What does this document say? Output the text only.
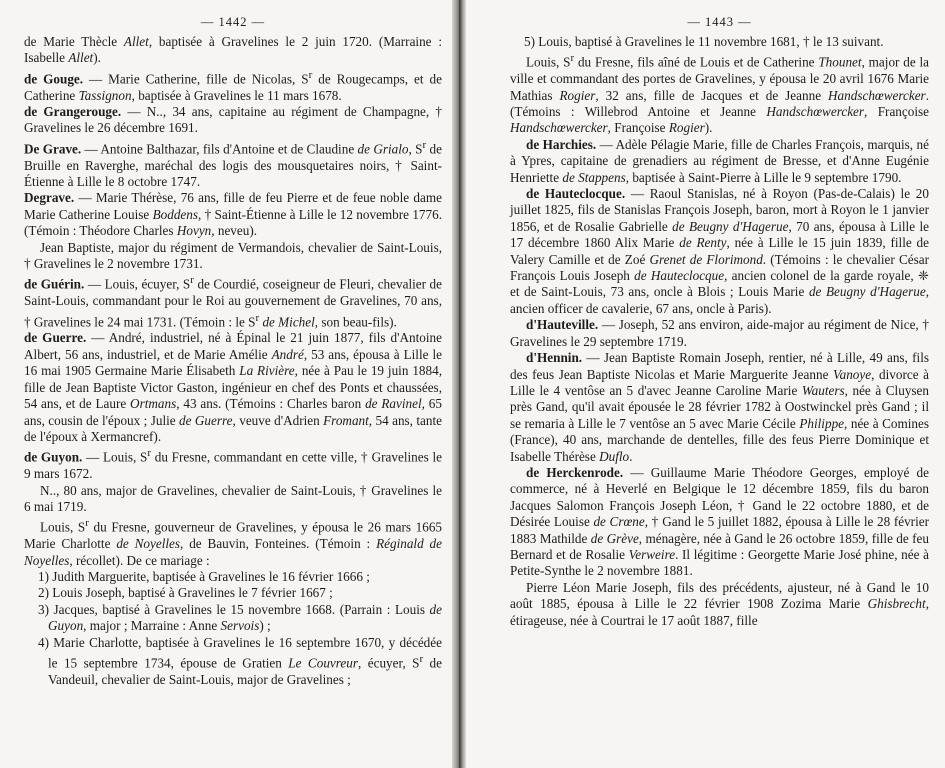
— 1442 —

de Marie Thècle Allet, baptisée à Gravelines le 2 juin 1720. (Marraine : Isabelle Allet).

de Gouge. — Marie Catherine, fille de Nicolas, $S^r$ de Rougecamps, et de Catherine Tassignon, baptisée à Gravelines le 11 mars 1678.

de Grangerouge. — N.., 34 ans, capitaine au régiment de Champagne, † Gravelines le 26 décembre 1691.

De Grave. — Antoine Balthazar, fils d'Antoine et de Claudine de Grialo, $S^r$ de Bruille en Raverghe, maréchal des logis des mousquetaires noirs, † Saint-Étienne à Lille le 8 octobre 1747.

Degrave. — Marie Thérèse, 76 ans, fille de feu Pierre et de feue noble dame Marie Catherine Louise Boddens, † Saint-Étienne à Lille le 12 novembre 1776. (Témoin : Théodore Charles Hovyn, neveu).

Jean Baptiste, major du régiment de Vermandois, chevalier de Saint-Louis, † Gravelines le 2 novembre 1731.

de Guérin. — Louis, écuyer, $S^r$ de Courdié, coseigneur de Fleuri, chevalier de Saint-Louis, commandant pour le Roi au gouvernement de Gravelines, 70 ans, † Gravelines le 24 mai 1731. (Témoin : le $S^r$ de Michel, son beau-fils).

de Guerre. — André, industriel, né à Épinal le 21 juin 1877, fils d'Antoine Albert, 56 ans, industriel, et de Marie Amélie André, 53 ans, épousa à Lille le 16 mai 1905 Germaine Marie Élisabeth La Rivière, née à Pau le 19 juin 1884, fille de Jean Baptiste Victor Gaston, ingénieur en chef des Ponts et chaussées, 54 ans, et de Laure Ortmans, 43 ans. (Témoins : Charles baron de Ravinel, 65 ans, cousin de l'époux ; Julie de Guerre, veuve d'Adrien Fromant, 54 ans, tante de l'époux à Xermancref).

de Guyon. — Louis, $S^r$ du Fresne, commandant en cette ville, † Gravelines le 9 mars 1672.

N.., 80 ans, major de Gravelines, chevalier de Saint-Louis, † Gravelines le 6 mai 1719.

Louis, $S^r$ du Fresne, gouverneur de Gravelines, y épousa le 26 mars 1665 Marie Charlotte de Noyelles, de Bauvin, Fonteines. (Témoin : Réginald de Noyelles, récollet). De ce mariage :

1) Judith Marguerite, baptisée à Gravelines le 16 février 1666 ;

2) Louis Joseph, baptisé à Gravelines le 7 février 1667 ;

3) Jacques, baptisé à Gravelines le 15 novembre 1668. (Parrain : Louis de Guyon, major ; Marraine : Anne Servois) ;

4) Marie Charlotte, baptisée à Gravelines le 16 septembre 1670, y décédée le 15 septembre 1734, épouse de Gratien Le Couvreur, écuyer, $S^r$ de Vandeuil, chevalier de Saint-Louis, major de Gravelines ;

— 1443 —

5) Louis, baptisé à Gravelines le 11 novembre 1681, † le 13 suivant.

Louis, $S^r$ du Fresne, fils aîné de Louis et de Catherine Thounet, major de la ville et commandant des portes de Gravelines, y épousa le 20 avril 1676 Marie Mathias Rogier, 32 ans, fille de Jacques et de Jeanne Handschœwercker. (Témoins : Willebrod Antoine et Jeanne Handschœwercker, Françoise Handschœwercker, Françoise Rogier).

de Harchies. — Adèle Pélagie Marie, fille de Charles François, marquis, né à Ypres, capitaine de grenadiers au régiment de Bresse, et d'Anne Eugénie Henriette de Stappens, baptisée à Saint-Pierre à Lille le 9 septembre 1790.

de Hauteclocque. — Raoul Stanislas, né à Royon (Pas-de-Calais) le 20 juillet 1825, fils de Stanislas François Joseph, baron, mort à Royon le 1 janvier 1856, et de Rosalie Gabrielle de Beugny d'Hagerue, 70 ans, épousa à Lille le 17 décembre 1860 Alix Marie de Renty, née à Lille le 15 juin 1839, fille de Valery Camille et de Zoé Grenet de Florimond. (Témoins : le chevalier César François Louis Joseph de Hauteclocque, ancien colonel de la garde royale, ❈ et de Saint-Louis, 73 ans, oncle à Blois ; Louis Marie de Beugny d'Hagerue, ancien officer de cavalerie, 67 ans, oncle à Paris).

d'Hauteville. — Joseph, 52 ans environ, aide-major au régiment de Nice, † Gravelines le 29 septembre 1719.

d'Hennin. — Jean Baptiste Romain Joseph, rentier, né à Lille, 49 ans, fils des feus Jean Baptiste Nicolas et Marie Marguerite Jeanne Vanoye, divorce à Lille le 4 ventôse an 5 d'avec Jeanne Caroline Marie Wauters, née à Cluysen près Gand, qu'il avait épousée le 28 février 1782 à Oostwinckel près Gand ; il se remaria à Lille le 7 ventôse an 5 avec Marie Cécile Philippe, née à Comines (France), 40 ans, marchande de dentelles, fille des feus Pierre Dominique et Isabelle Thérèse Duflo.

de Herckenrode. — Guillaume Marie Théodore Georges, employé de commerce, né à Heverlé en Belgique le 12 décembre 1859, fils du baron Jacques Salomon François Joseph Léon, † Gand le 22 octobre 1880, et de Désirée Louise de Crœne, † Gand le 5 juillet 1882, épousa à Lille le 28 février 1883 Mathilde de Grève, ménagère, née à Gand le 26 octobre 1859, fille de feu Bernard et de Rosalie Verweire. Il légitime : Georgette Marie José phine, née à Petite-Synthe le 2 novembre 1881.

Pierre Léon Marie Joseph, fils des précédents, ajusteur, né à Gand le 10 août 1885, épousa à Lille le 22 février 1908 Zozima Marie Ghisbrecht, étirageuse, née à Courtrai le 17 août 1887, fille
